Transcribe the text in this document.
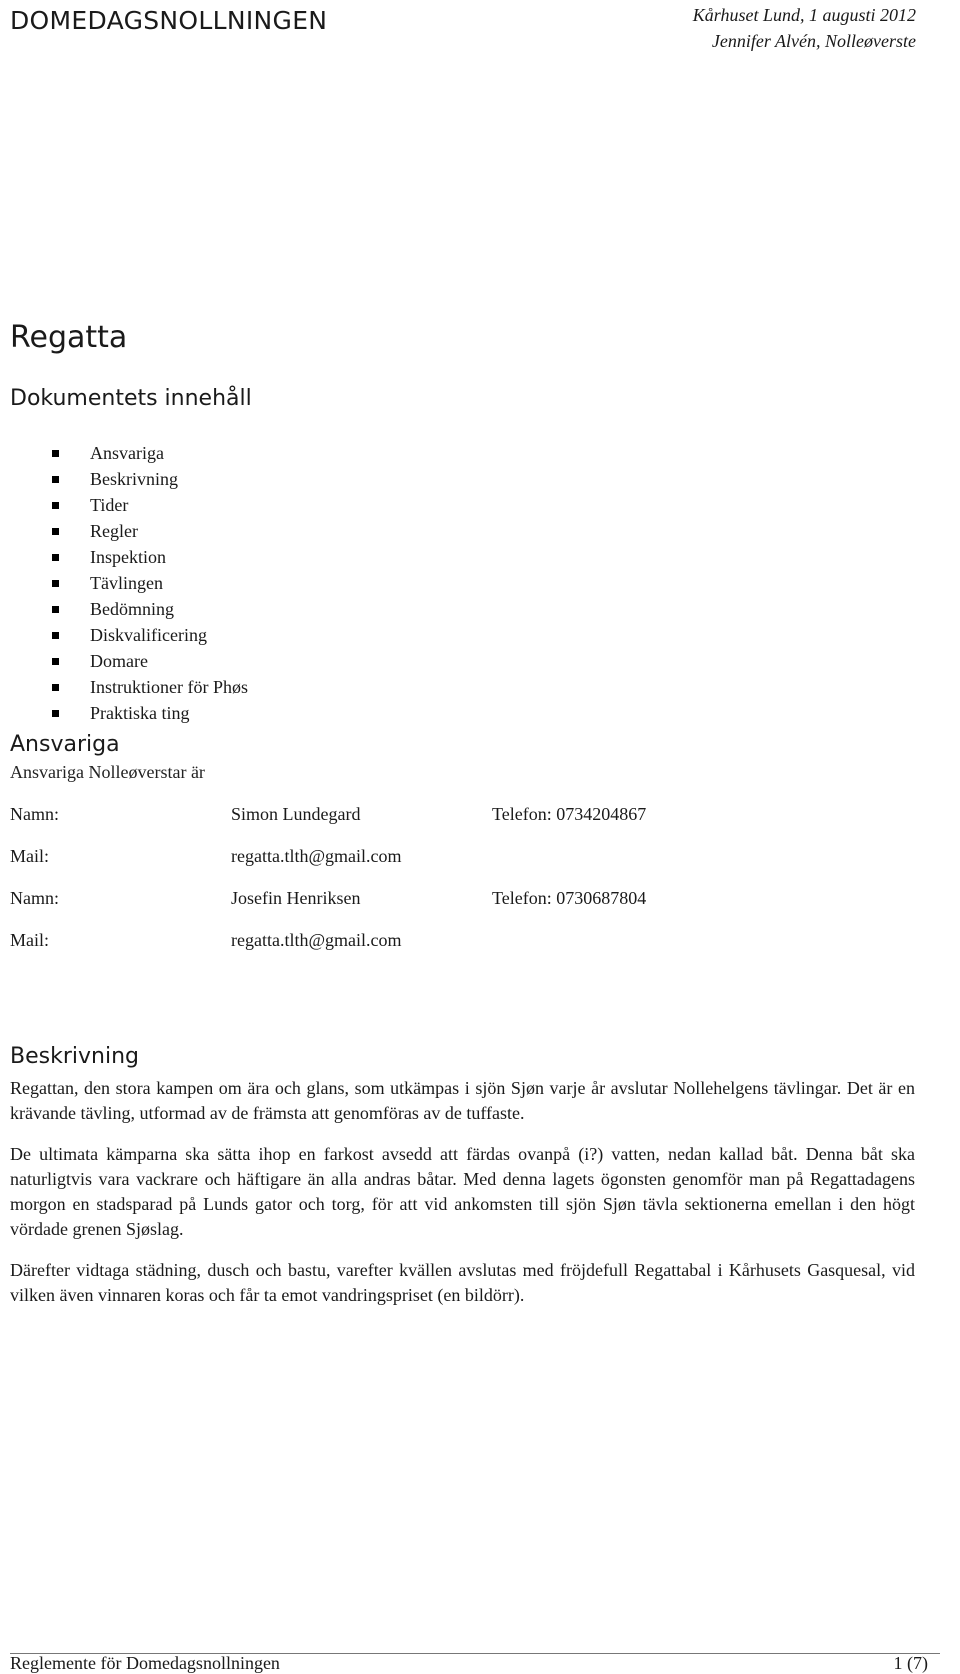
DOMEDAGSNOLLNINGEN	Kårhuset Lund, 1 augusti 2012
Jennifer Alvén, Nolleøverste
Regatta
Dokumentets innehåll
Ansvariga
Beskrivning
Tider
Regler
Inspektion
Tävlingen
Bedömning
Diskvalificering
Domare
Instruktioner för Phøs
Praktiska ting
Ansvariga
Ansvariga Nolleøverstar är
Namn:	Simon Lundegard	Telefon: 0734204867
Mail:	regatta.tlth@gmail.com
Namn:	Josefin Henriksen	Telefon: 0730687804
Mail:	regatta.tlth@gmail.com
Beskrivning

Regattan, den stora kampen om ära och glans, som utkämpas i sjön Sjøn varje år avslutar Nollehelgens tävlingar. Det är en krävande tävling, utformad av de främsta att genomföras av de tuffaste.

De ultimata kämparna ska sätta ihop en farkost avsedd att färdas ovanpå (i?) vatten, nedan kallad båt. Denna båt ska naturligtvis vara vackrare och häftigare än alla andras båtar. Med denna lagets ögonsten genomför man på Regattadagens morgon en stadsparad på Lunds gator och torg, för att vid ankomsten till sjön Sjøn tävla sektionerna emellan i den högt vördade grenen Sjøslag.

Därefter vidtaga städning, dusch och bastu, varefter kvällen avslutas med fröjdefull Regattabal i Kårhusets Gasquesal, vid vilken även vinnaren koras och får ta emot vandringspriset (en bildörr).

Reglemente för Domedagsnollningen	1 (7)
